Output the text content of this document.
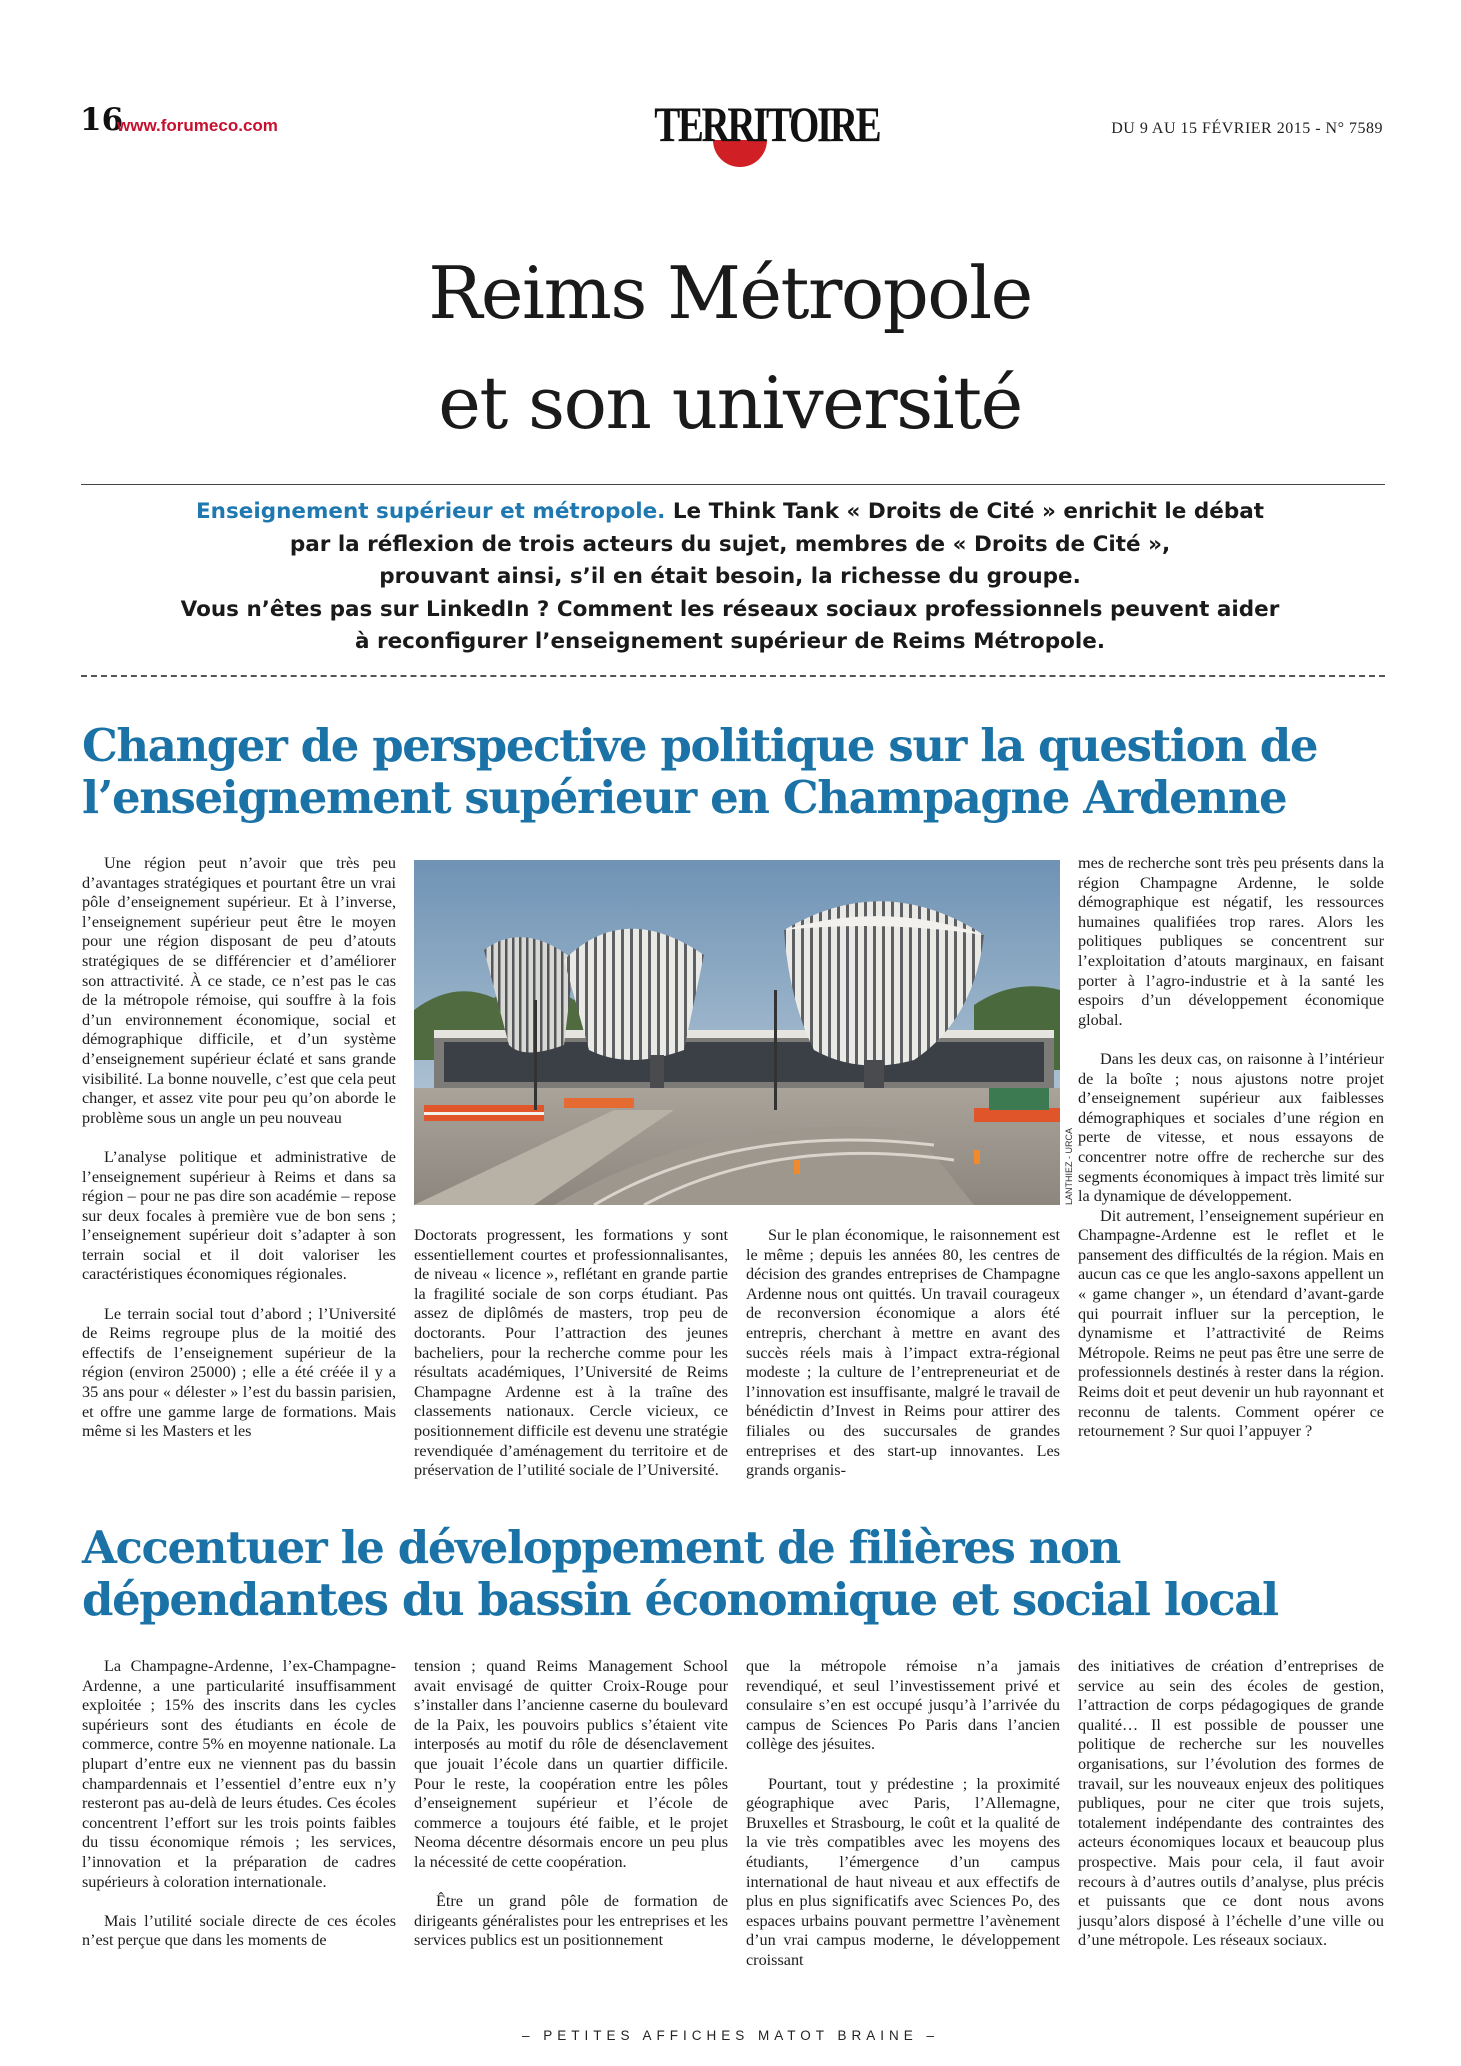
16
www.forumeco.com	TERRITOIRE	DU 9 AU 15 FÉVRIER 2015 - N° 7589
Reims Métropole
et son université
Enseignement supérieur et métropole. Le Think Tank « Droits de Cité » enrichit le débat
par la réflexion de trois acteurs du sujet, membres de « Droits de Cité »,
prouvant ainsi, s’il en était besoin, la richesse du groupe.
Vous n’êtes pas sur LinkedIn ? Comment les réseaux sociaux professionnels peuvent aider
à reconfigurer l’enseignement supérieur de Reims Métropole.
Changer de perspective politique sur la question de
l’enseignement supérieur en Champagne Ardenne

Une région peut n’avoir que très peu d’avantages stratégiques et pourtant être un vrai pôle d’enseignement supérieur. Et à l’inverse, l’enseignement supérieur peut être le moyen pour une région disposant de peu d’atouts stratégiques de se différencier et d’améliorer son attractivité. À ce stade, ce n’est pas le cas de la métropole rémoise, qui souffre à la fois d’un environnement économique, social et démographique difficile, et d’un système d’enseignement supérieur éclaté et sans grande visibilité. La bonne nouvelle, c’est que cela peut changer, et assez vite pour peu qu’on aborde le problème sous un angle un peu nouveau

L’analyse politique et administrative de l’enseignement supérieur à Reims et dans sa région – pour ne pas dire son académie – repose sur deux focales à première vue de bon sens ; l’enseignement supérieur doit s’adapter à son terrain social et il doit valoriser les caractéristiques économiques régionales.

Le terrain social tout d’abord ; l’Université de Reims regroupe plus de la moitié des effectifs de l’enseignement supérieur de la région (environ 25000) ; elle a été créée il y a 35 ans pour « délester » l’est du bassin parisien, et offre une gamme large de formations. Mais même si les Masters et les

LANTHIEZ - URCA

Doctorats progressent, les formations y sont essentiellement courtes et professionnalisantes, de niveau « licence », reflétant en grande partie la fragilité sociale de son corps étudiant. Pas assez de diplômés de masters, trop peu de doctorants. Pour l’attraction des jeunes bacheliers, pour la recherche comme pour les résultats académiques, l’Université de Reims Champagne Ardenne est à la traîne des classements nationaux. Cercle vicieux, ce positionnement difficile est devenu une stratégie revendiquée d’aménagement du territoire et de préservation de l’utilité sociale de l’Université.

Sur le plan économique, le raisonnement est le même ; depuis les années 80, les centres de décision des grandes entreprises de Champagne Ardenne nous ont quittés. Un travail courageux de reconversion économique a alors été entrepris, cherchant à mettre en avant des succès réels mais à l’impact extra-régional modeste ; la culture de l’entrepreneuriat et de l’innovation est insuffisante, malgré le travail de bénédictin d’Invest in Reims pour attirer des filiales ou des succursales de grandes entreprises et des start-up innovantes. Les grands organis-

mes de recherche sont très peu présents dans la région Champagne Ardenne, le solde démographique est négatif, les ressources humaines qualifiées trop rares. Alors les politiques publiques se concentrent sur l’exploitation d’atouts marginaux, en faisant porter à l’agro-industrie et à la santé les espoirs d’un développement économique global.

Dans les deux cas, on raisonne à l’intérieur de la boîte ; nous ajustons notre projet d’enseignement supérieur aux faiblesses démographiques et sociales d’une région en perte de vitesse, et nous essayons de concentrer notre offre de recherche sur des segments économiques à impact très limité sur la dynamique de développement.

Dit autrement, l’enseignement supérieur en Champagne-Ardenne est le reflet et le pansement des difficultés de la région. Mais en aucun cas ce que les anglo-saxons appellent un « game changer », un étendard d’avant-garde qui pourrait influer sur la perception, le dynamisme et l’attractivité de Reims Métropole. Reims ne peut pas être une serre de professionnels destinés à rester dans la région. Reims doit et peut devenir un hub rayonnant et reconnu de talents. Comment opérer ce retournement ? Sur quoi l’appuyer ?

Accentuer le développement de filières non
dépendantes du bassin économique et social local

La Champagne-Ardenne, l’ex-Champagne-Ardenne, a une particularité insuffisamment exploitée ; 15% des inscrits dans les cycles supérieurs sont des étudiants en école de commerce, contre 5% en moyenne nationale. La plupart d’entre eux ne viennent pas du bassin champardennais et l’essentiel d’entre eux n’y resteront pas au-delà de leurs études. Ces écoles concentrent l’effort sur les trois points faibles du tissu économique rémois ; les services, l’innovation et la préparation de cadres supérieurs à coloration internationale.

Mais l’utilité sociale directe de ces écoles n’est perçue que dans les moments de

tension ; quand Reims Management School avait envisagé de quitter Croix-Rouge pour s’installer dans l’ancienne caserne du boulevard de la Paix, les pouvoirs publics s’étaient vite interposés au motif du rôle de désenclavement que jouait l’école dans un quartier difficile. Pour le reste, la coopération entre les pôles d’enseignement supérieur et l’école de commerce a toujours été faible, et le projet Neoma décentre désormais encore un peu plus la nécessité de cette coopération.

Être un grand pôle de formation de dirigeants généralistes pour les entreprises et les services publics est un positionnement

que la métropole rémoise n’a jamais revendiqué, et seul l’investissement privé et consulaire s’en est occupé jusqu’à l’arrivée du campus de Sciences Po Paris dans l’ancien collège des jésuites.

Pourtant, tout y prédestine ; la proximité géographique avec Paris, l’Allemagne, Bruxelles et Strasbourg, le coût et la qualité de la vie très compatibles avec les moyens des étudiants, l’émergence d’un campus international de haut niveau et aux effectifs de plus en plus significatifs avec Sciences Po, des espaces urbains pouvant permettre l’avènement d’un vrai campus moderne, le développement croissant

des initiatives de création d’entreprises de service au sein des écoles de gestion, l’attraction de corps pédagogiques de grande qualité… Il est possible de pousser une politique de recherche sur les nouvelles organisations, sur l’évolution des formes de travail, sur les nouveaux enjeux des politiques publiques, pour ne citer que trois sujets, totalement indépendante des contraintes des acteurs économiques locaux et beaucoup plus prospective. Mais pour cela, il faut avoir recours à d’autres outils d’analyse, plus précis et puissants que ce dont nous avons jusqu’alors disposé à l’échelle d’une ville ou d’une métropole. Les réseaux sociaux.

‒ PETITES AFFICHES MATOT BRAINE ‒
